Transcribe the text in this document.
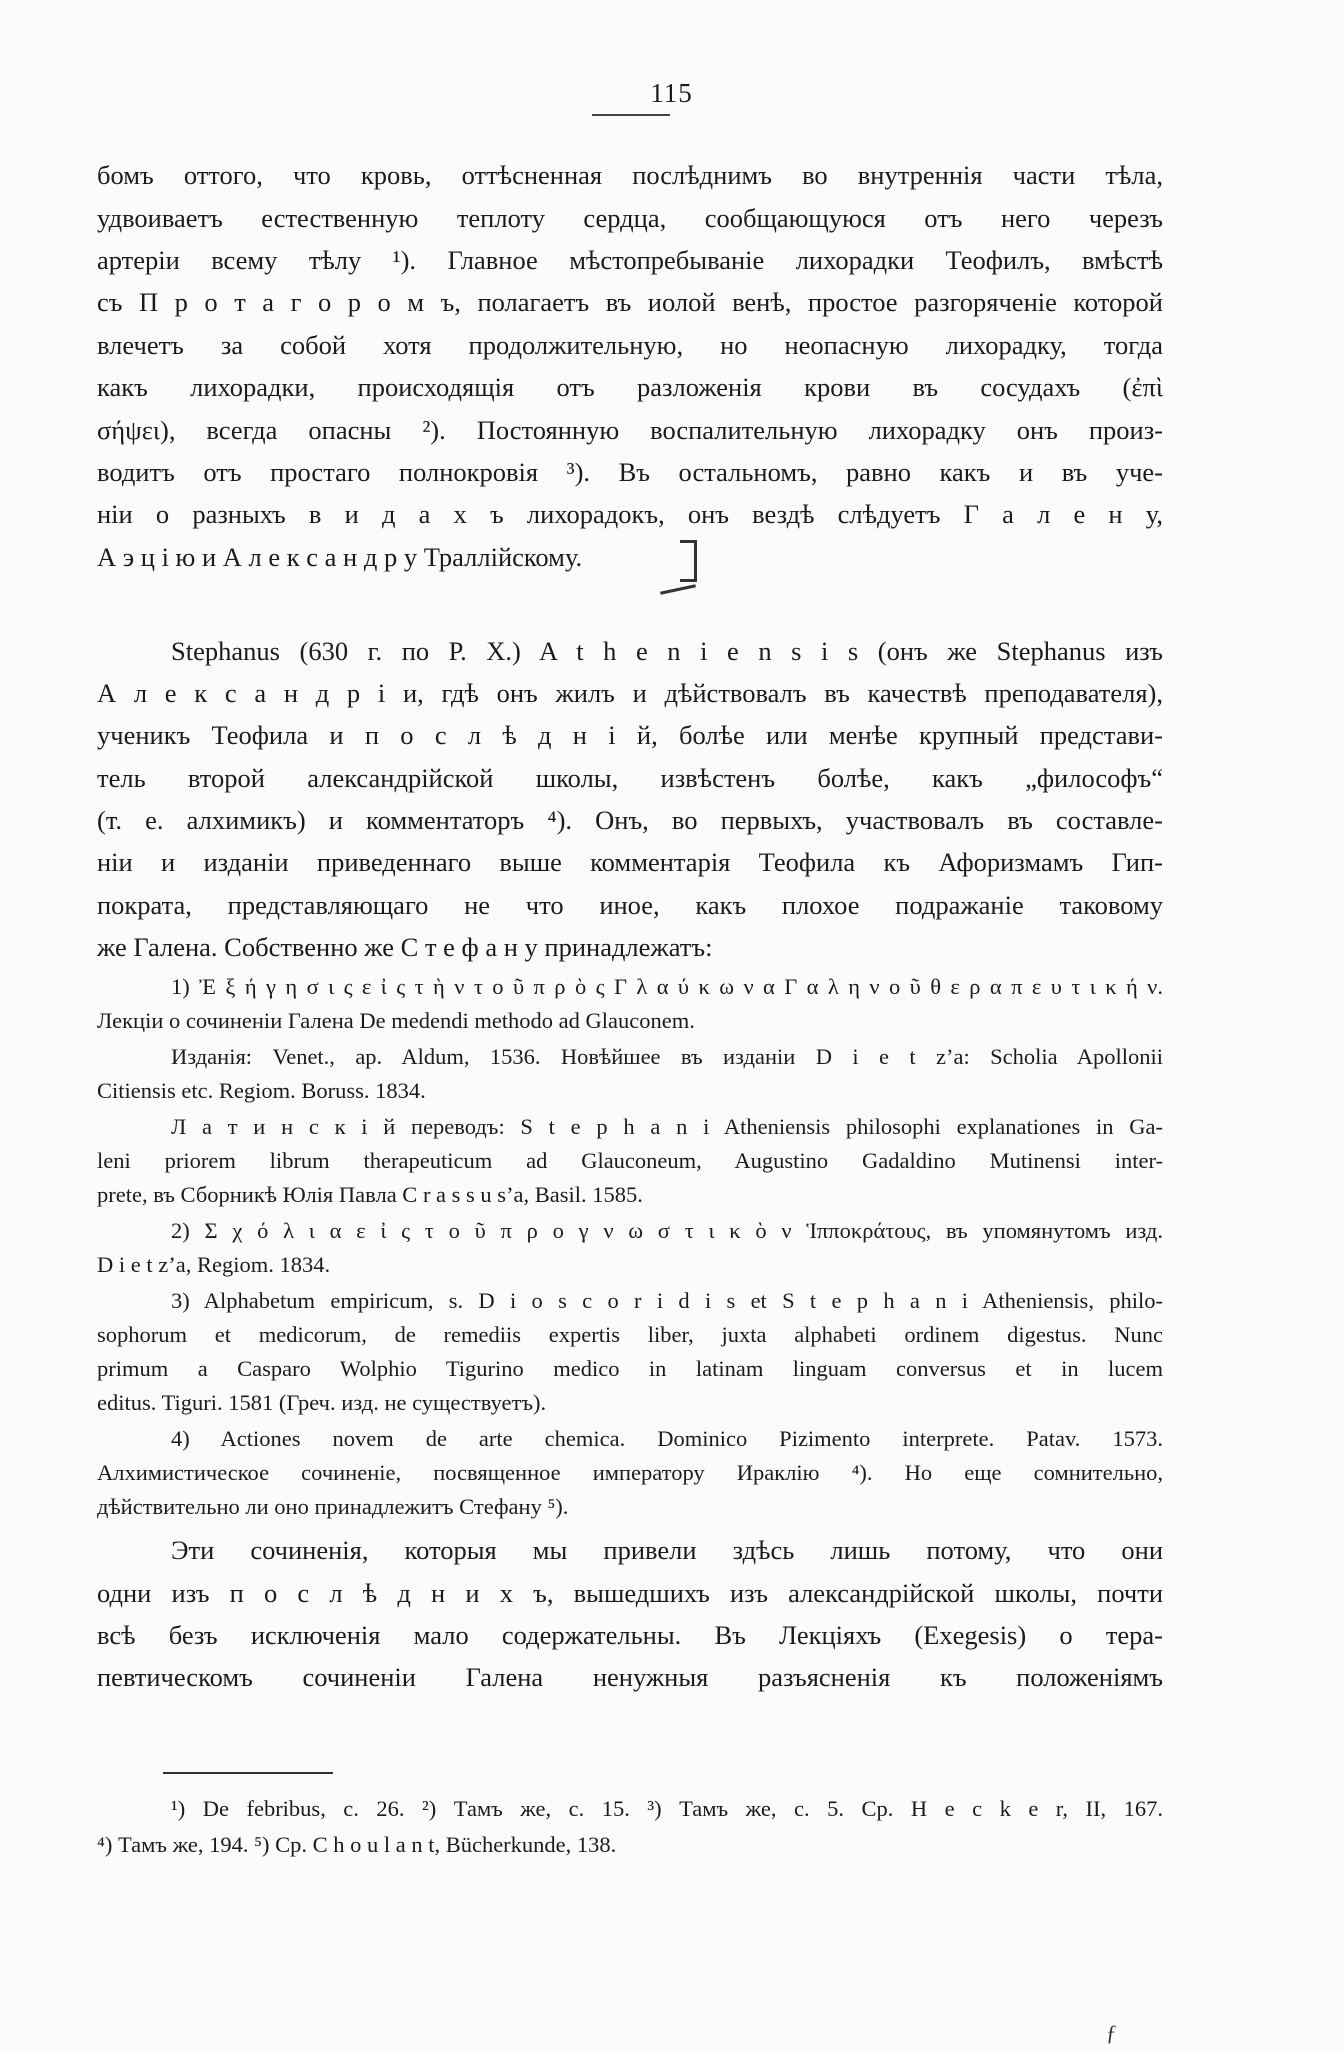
115
бомъ оттого, что кровь, оттѣсненная послѣднимъ во внутреннія части тѣла,
удвоиваетъ естественную теплоту сердца, сообщающуюся отъ него черезъ
артеріи всему тѣлу ¹). Главное мѣстопребываніе лихорадки Теофилъ, вмѣстѣ
съ П р о т а г о р о м ъ, полагаетъ въ иолой венѣ, простое разгоряченіе которой
влечетъ за собой хотя продолжительную, но неопасную лихорадку, тогда
какъ лихорадки, происходящія отъ разложенія крови въ сосудахъ (ἐπὶ
σήψει), всегда опасны ²). Постоянную воспалительную лихорадку онъ произ-
водитъ отъ простаго полнокровія ³). Въ остальномъ, равно какъ и въ уче-
ніи о разныхъ в и д а х ъ лихорадокъ, онъ вездѣ слѣдуетъ Г а л е н у,
А э ц і ю и А л е к с а н д р у Траллійскому.
Stephanus (630 г. по Р. Х.) A t h e n i e n s i s (онъ же Stephanus изъ
А л е к с а н д р і и, гдѣ онъ жилъ и дѣйствовалъ въ качествѣ преподавателя),
ученикъ Теофила и п о с л ѣ д н і й, болѣе или менѣе крупный представи-
тель второй александрійской школы, извѣстенъ болѣе, какъ „философъ“
(т. е. алхимикъ) и комментаторъ ⁴). Онъ, во первыхъ, участвовалъ въ составле-
ніи и изданіи приведеннаго выше комментарія Теофила къ Афоризмамъ Гип-
пократа, представляющаго не что иное, какъ плохое подражаніе таковому
же Галена. Собственно же С т е ф а н у принадлежатъ:
1) Ἐ ξ ή γ η σ ι ς ε ἰ ς τ ὴ ν τ ο ῦ π ρ ὸ ς Γ λ α ύ κ ω ν α Γ α λ η ν ο ῦ θ ε ρ α π ε υ τ ι κ ή ν.
Лекціи о сочиненіи Галена De medendi methodo ad Glauconem.
Изданія: Venet., ap. Aldum, 1536. Новѣйшее въ изданіи D i e t z’а: Scholia Apollonii
Citiensis etc. Regiom. Boruss. 1834.
Л а т и н с к і й переводъ: S t e p h a n i Atheniensis philosophi explanationes in Ga-
leni priorem librum therapeuticum ad Glauconeum, Augustino Gadaldino Mutinensi inter-
prete, въ Сборникѣ Юлія Павла C r a s s u s’а, Basil. 1585.
2) Σ χ ό λ ι α ε ἰ ς τ ο ῦ π ρ ο γ ν ω σ τ ι κ ὸ ν Ἱπποκράτους, въ упомянутомъ изд.
D i e t z’а, Regiom. 1834.
3) Alphabetum empiricum, s. D i o s c o r i d i s et S t e p h a n i Atheniensis, philo-
sophorum et medicorum, de remediis expertis liber, juxta alphabeti ordinem digestus. Nunc
primum a Casparo Wolphio Tigurino medico in latinam linguam conversus et in lucem
editus. Tiguri. 1581 (Греч. изд. не существуетъ).
4) Actiones novem de arte chemica. Dominico Pizimento interprete. Patav. 1573.
Алхимистическое сочиненіе, посвященное императору Ираклію ⁴). Но еще сомнительно,
дѣйствительно ли оно принадлежитъ Стефану ⁵).
Эти сочиненія, которыя мы привели здѣсь лишь потому, что они
одни изъ п о с л ѣ д н и х ъ, вышедшихъ изъ александрійской школы, почти
всѣ безъ исключенія мало содержательны. Въ Лекціяхъ (Exegesis) о тера-
певтическомъ сочиненіи Галена ненужныя разъясненія къ положеніямъ
¹) De febribus, с. 26. ²) Тамъ же, с. 15. ³) Тамъ же, с. 5. Ср. H e c k e r, II, 167.
⁴) Тамъ же, 194. ⁵) Ср. C h o u l a n t, Bücherkunde, 138.
ƒ
